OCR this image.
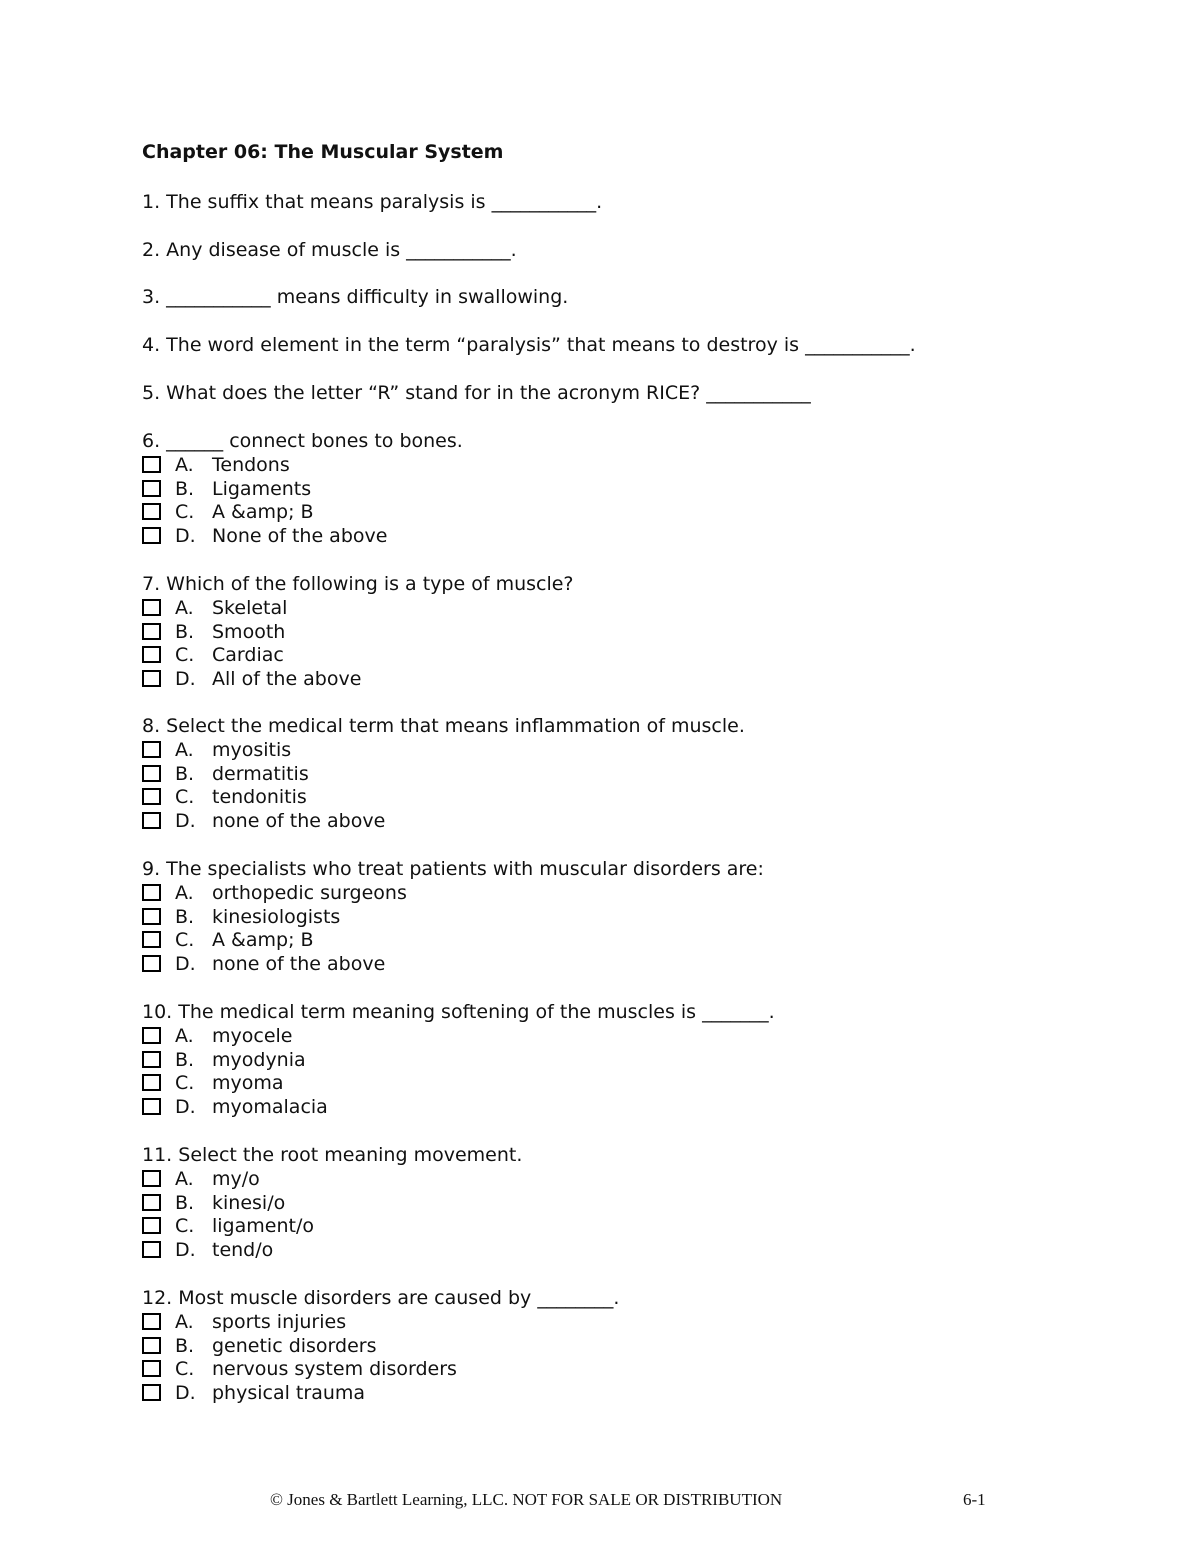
Chapter 06: The Muscular System

1. The suffix that means paralysis is ___________.

2. Any disease of muscle is ___________.

3. ___________ means difficulty in swallowing.

4. The word element in the term “paralysis” that means to destroy is ___________.

5. What does the letter “R” stand for in the acronym RICE? ___________

6. ______ connect bones to bones.

A. Tendons
B. Ligaments
C. A &amp; B
D. None of the above

7. Which of the following is a type of muscle?

A. Skeletal
B. Smooth
C. Cardiac
D. All of the above

8. Select the medical term that means inflammation of muscle.

A. myositis
B. dermatitis
C. tendonitis
D. none of the above

9. The specialists who treat patients with muscular disorders are:

A. orthopedic surgeons
B. kinesiologists
C. A &amp; B
D. none of the above

10. The medical term meaning softening of the muscles is _______.

A. myocele
B. myodynia
C. myoma
D. myomalacia

11. Select the root meaning movement.

A. my/o
B. kinesi/o
C. ligament/o
D. tend/o

12. Most muscle disorders are caused by ________.

A. sports injuries
B. genetic disorders
C. nervous system disorders
D. physical trauma
© Jones & Bartlett Learning, LLC. NOT FOR SALE OR DISTRIBUTION	6-1
